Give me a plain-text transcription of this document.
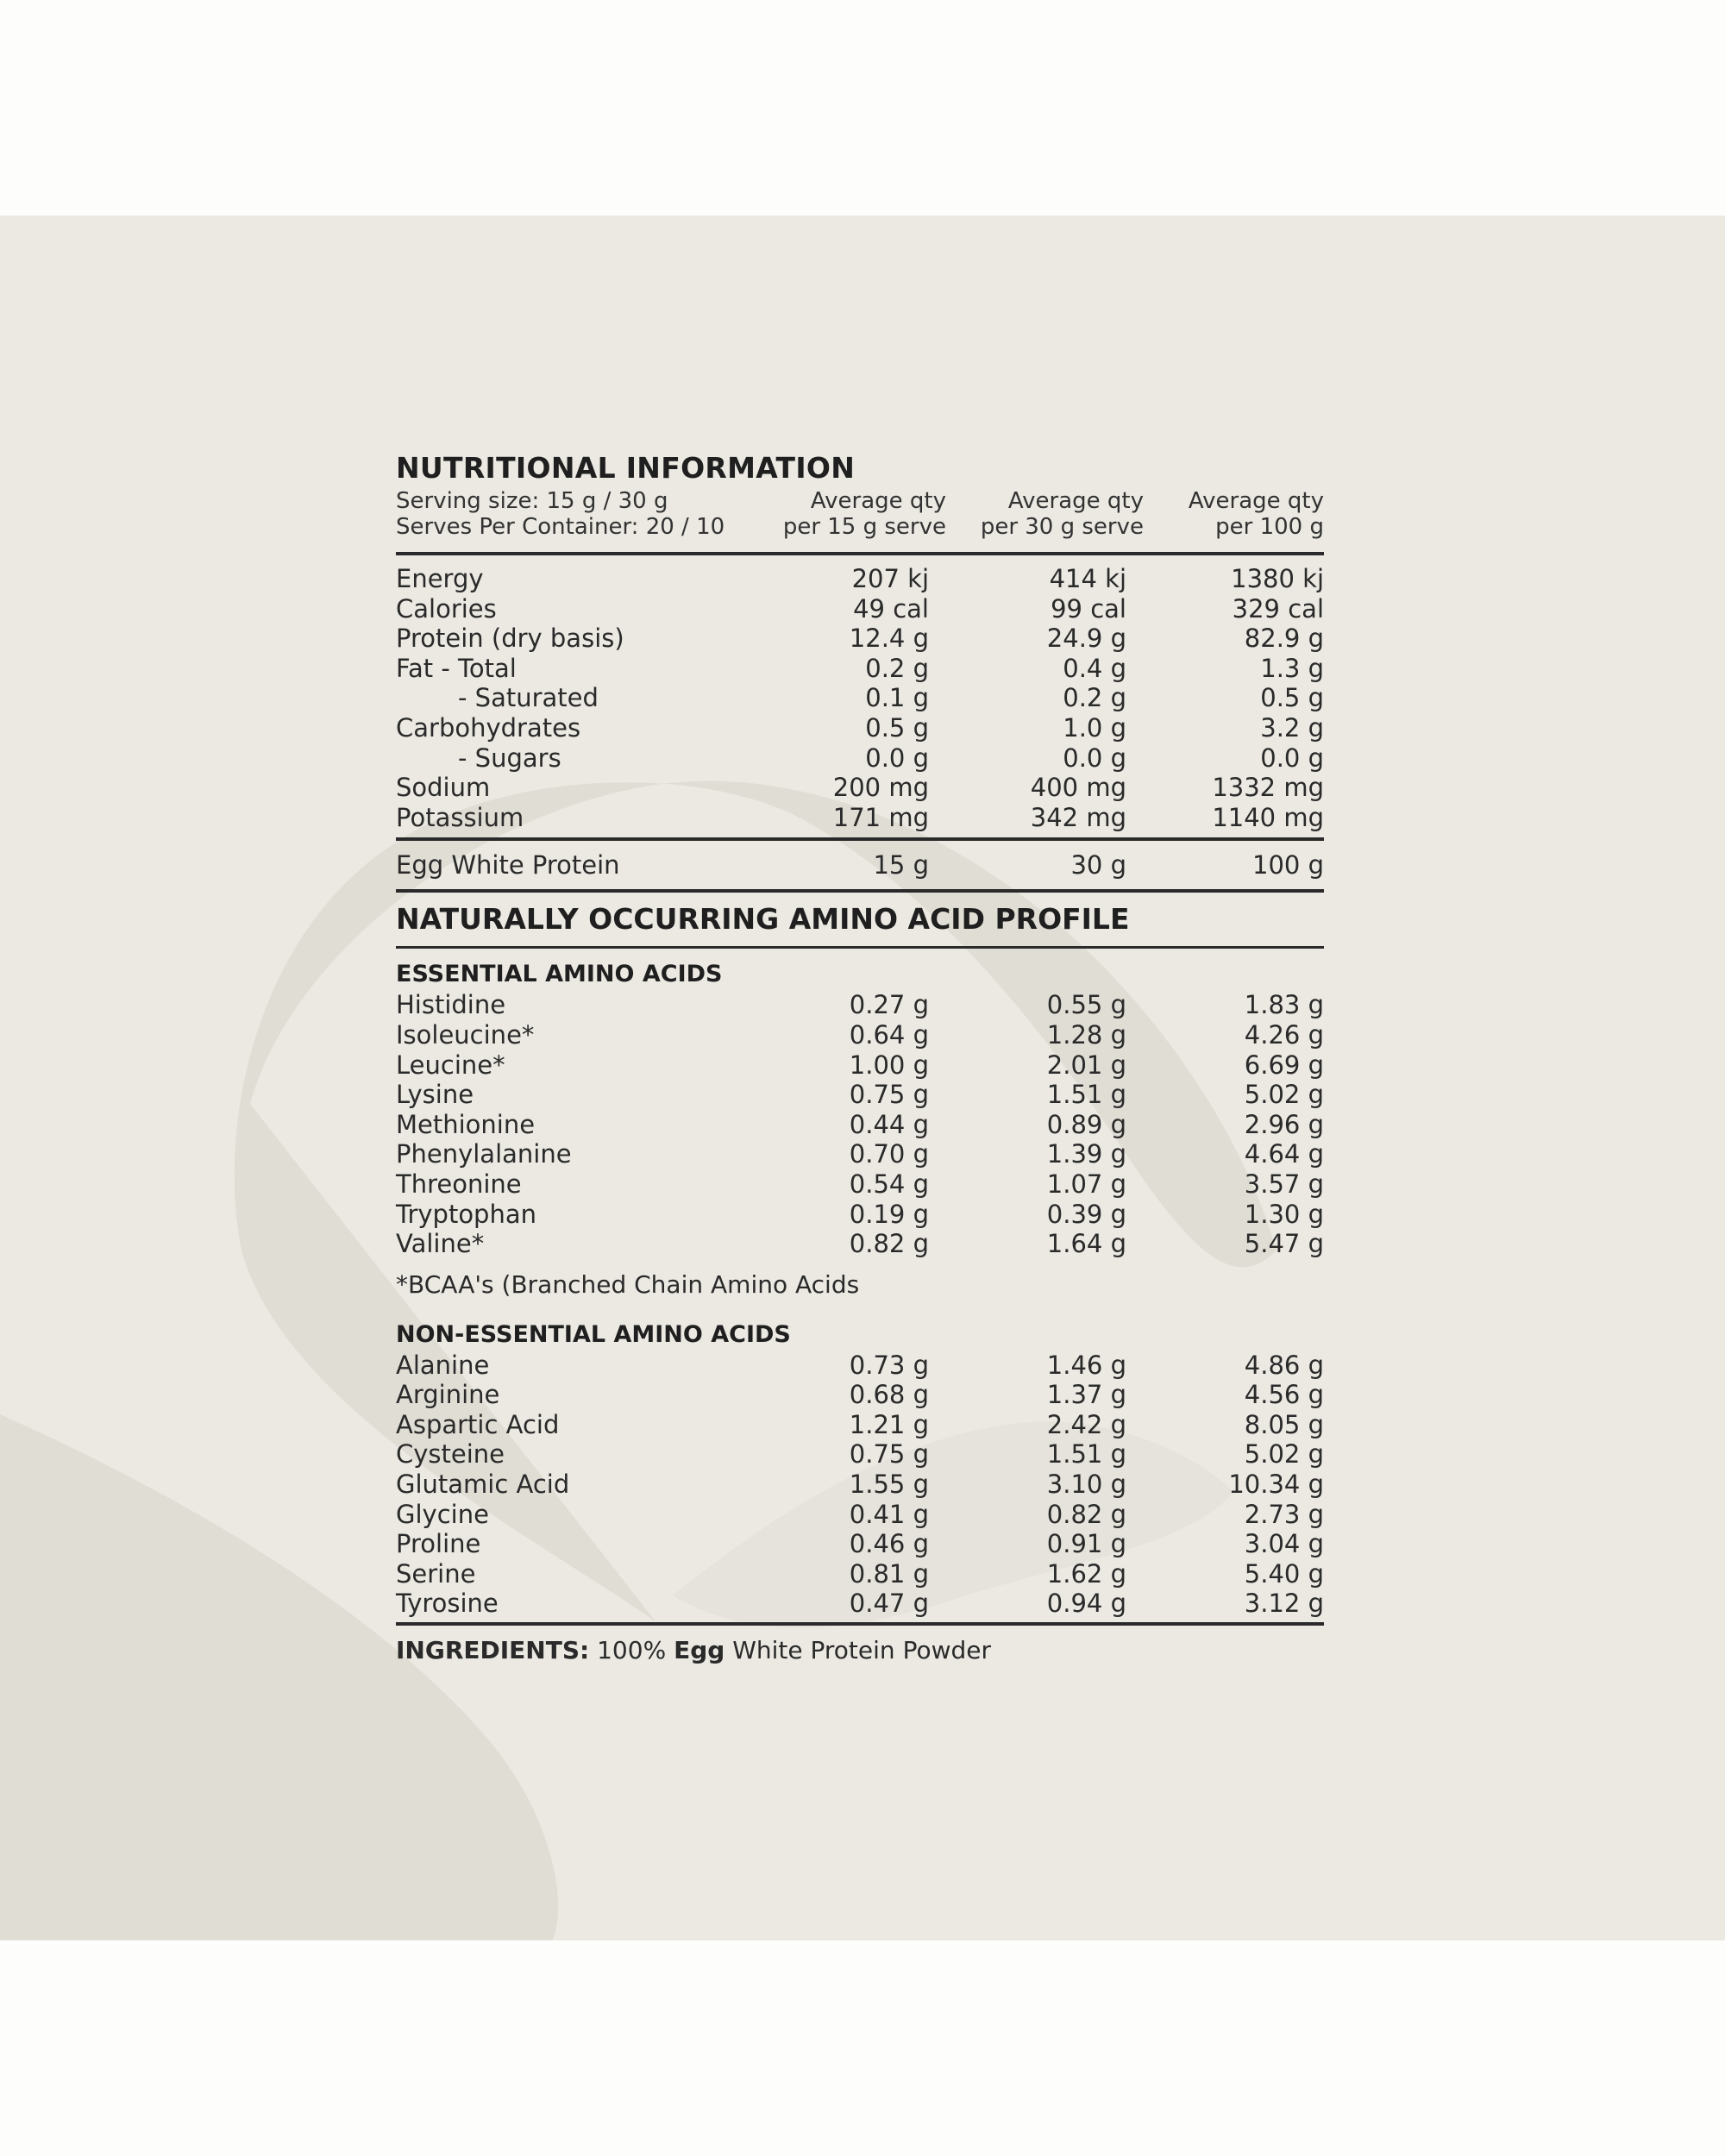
NUTRITIONAL INFORMATION
Serving size: 15 g / 30 g
Serves Per Container: 20 / 10
Average qty
per 15 g serve
Average qty
per 30 g serve
Average qty
per 100 g
Energy	207 kj	414 kj	1380 kj
Calories	49 cal	99 cal	329 cal
Protein (dry basis)	12.4 g	24.9 g	82.9 g
Fat - Total	0.2 g	0.4 g	1.3 g
- Saturated	0.1 g	0.2 g	0.5 g
Carbohydrates	0.5 g	1.0 g	3.2 g
- Sugars	0.0 g	0.0 g	0.0 g
Sodium	200 mg	400 mg	1332 mg
Potassium	171 mg	342 mg	1140 mg
Egg White Protein	15 g	30 g	100 g
NATURALLY OCCURRING AMINO ACID PROFILE
ESSENTIAL AMINO ACIDS
Histidine	0.27 g	0.55 g	1.83 g
Isoleucine*	0.64 g	1.28 g	4.26 g
Leucine*	1.00 g	2.01 g	6.69 g
Lysine	0.75 g	1.51 g	5.02 g
Methionine	0.44 g	0.89 g	2.96 g
Phenylalanine	0.70 g	1.39 g	4.64 g
Threonine	0.54 g	1.07 g	3.57 g
Tryptophan	0.19 g	0.39 g	1.30 g
Valine*	0.82 g	1.64 g	5.47 g
*BCAA's (Branched Chain Amino Acids
NON-ESSENTIAL AMINO ACIDS
Alanine	0.73 g	1.46 g	4.86 g
Arginine	0.68 g	1.37 g	4.56 g
Aspartic Acid	1.21 g	2.42 g	8.05 g
Cysteine	0.75 g	1.51 g	5.02 g
Glutamic Acid	1.55 g	3.10 g	10.34 g
Glycine	0.41 g	0.82 g	2.73 g
Proline	0.46 g	0.91 g	3.04 g
Serine	0.81 g	1.62 g	5.40 g
Tyrosine	0.47 g	0.94 g	3.12 g
INGREDIENTS: 100% Egg White Protein Powder
